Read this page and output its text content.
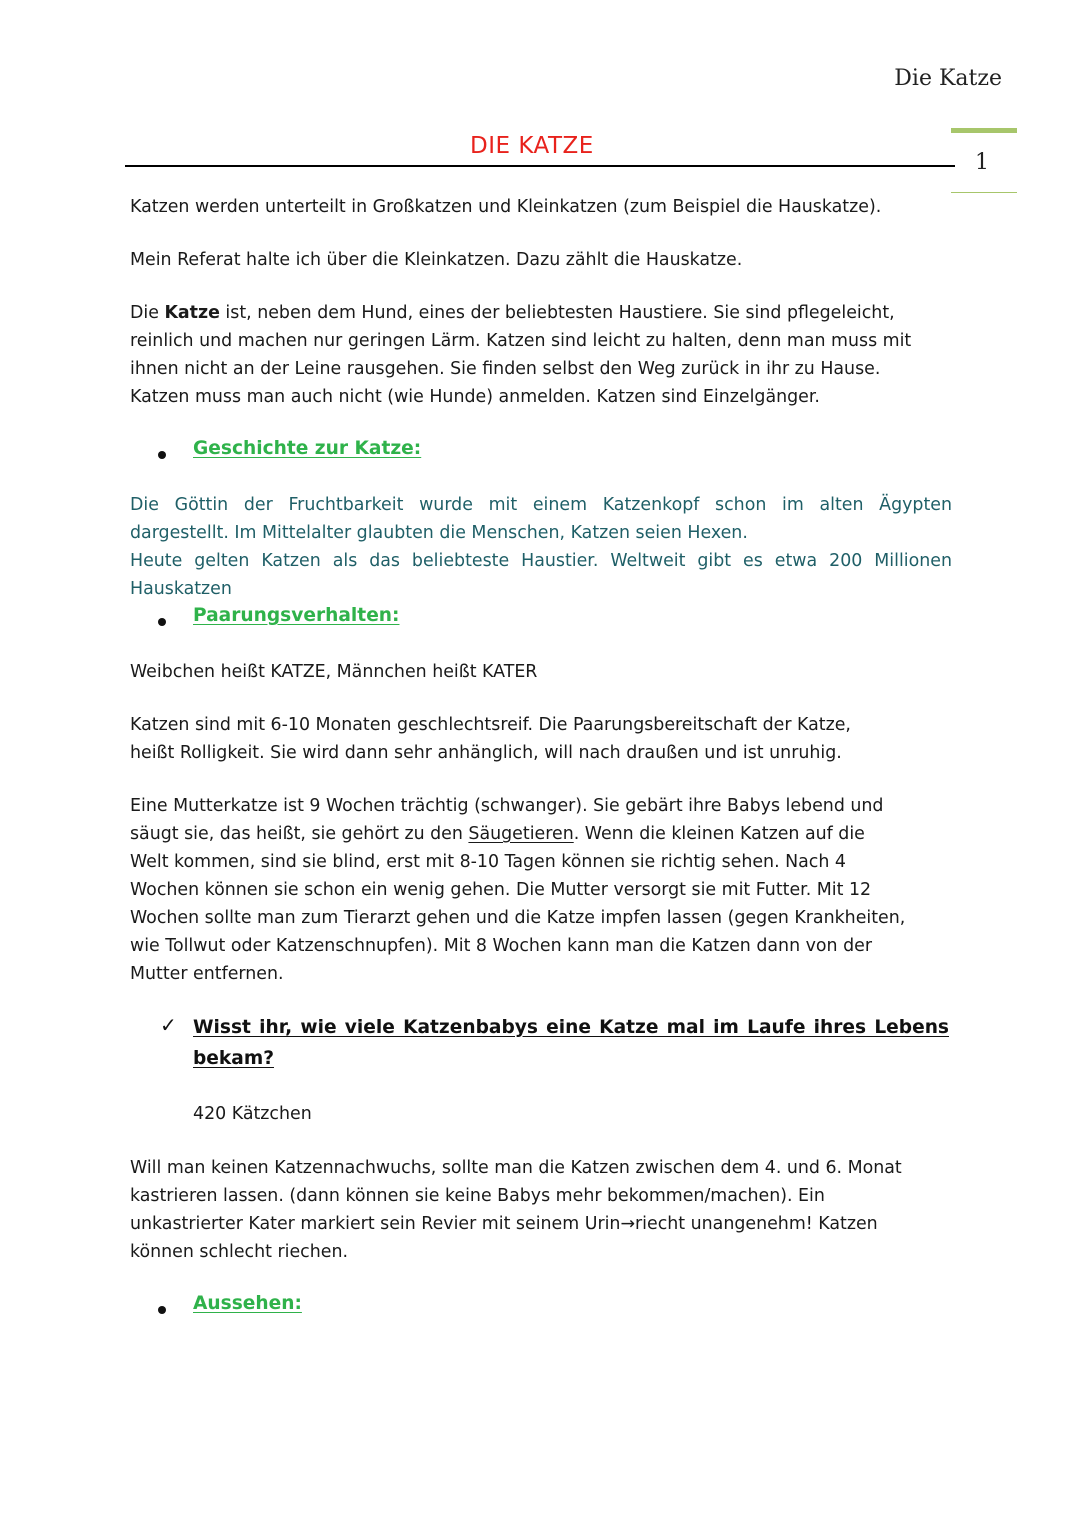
Die Katze
1
DIE KATZE

Katzen werden unterteilt in Großkatzen und Kleinkatzen (zum Beispiel die Hauskatze).

Mein Referat halte ich über die Kleinkatzen. Dazu zählt die Hauskatze.

Die Katze ist, neben dem Hund, eines der beliebtesten Haustiere. Sie sind pflegeleicht,
reinlich und machen nur geringen Lärm. Katzen sind leicht zu halten, denn man muss mit
ihnen nicht an der Leine rausgehen. Sie finden selbst den Weg zurück in ihr zu Hause.
Katzen muss man auch nicht (wie Hunde) anmelden. Katzen sind Einzelgänger.
Geschichte zur Katze:
Die Göttin der Fruchtbarkeit wurde mit einem Katzenkopf schon im alten Ägypten
dargestellt. Im Mittelalter glaubten die Menschen, Katzen seien Hexen.
Heute gelten Katzen als das beliebteste Haustier. Weltweit gibt es etwa 200 Millionen
Hauskatzen
Paarungsverhalten:

Weibchen heißt KATZE, Männchen heißt KATER

Katzen sind mit 6-10 Monaten geschlechtsreif. Die Paarungsbereitschaft der Katze,
heißt Rolligkeit. Sie wird dann sehr anhänglich, will nach draußen und ist unruhig.
Eine Mutterkatze ist 9 Wochen trächtig (schwanger). Sie gebärt ihre Babys lebend und
säugt sie, das heißt, sie gehört zu den Säugetieren. Wenn die kleinen Katzen auf die
Welt kommen, sind sie blind, erst mit 8-10 Tagen können sie richtig sehen. Nach 4
Wochen können sie schon ein wenig gehen. Die Mutter versorgt sie mit Futter. Mit 12
Wochen sollte man zum Tierarzt gehen und die Katze impfen lassen (gegen Krankheiten,
wie Tollwut oder Katzenschnupfen). Mit 8 Wochen kann man die Katzen dann von der
Mutter entfernen.
✓ Wisst ihr, wie viele Katzenbabys eine Katze mal im Laufe ihres Lebens
bekam?
420 Kätzchen
Will man keinen Katzennachwuchs, sollte man die Katzen zwischen dem 4. und 6. Monat
kastrieren lassen. (dann können sie keine Babys mehr bekommen/machen). Ein
unkastrierter Kater markiert sein Revier mit seinem Urin→riecht unangenehm! Katzen
können schlecht riechen.
Aussehen:
